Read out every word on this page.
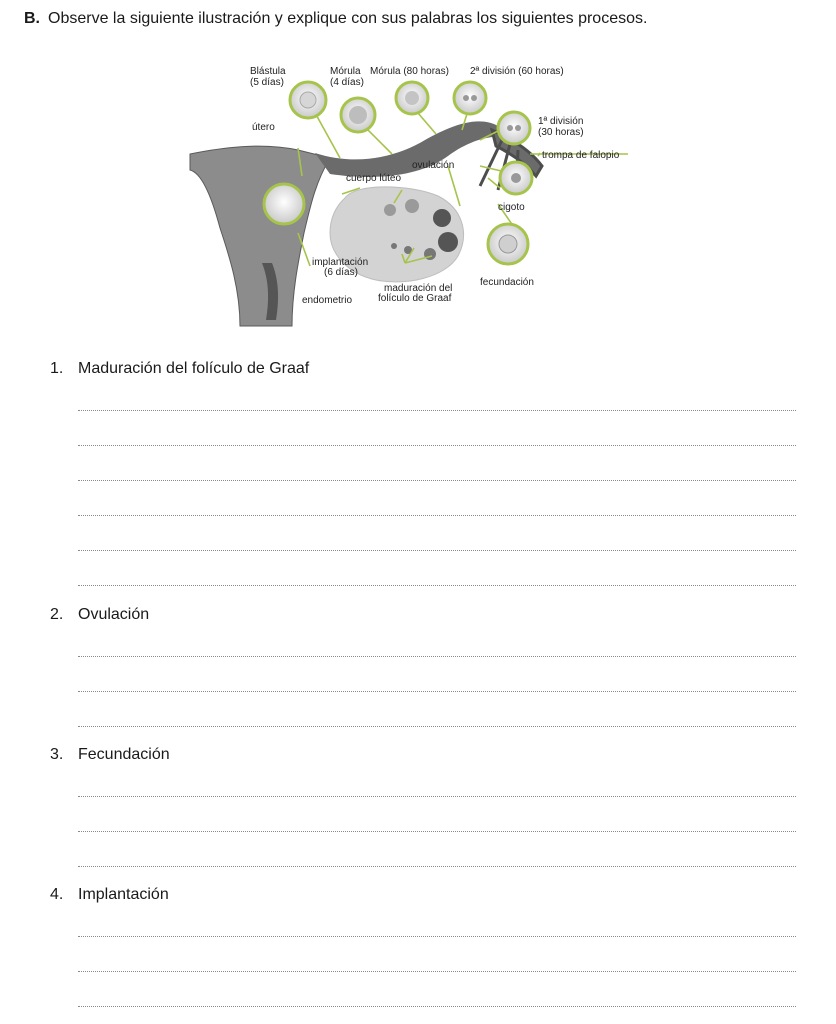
B. Observe la siguiente ilustración y explique con sus palabras los siguientes procesos.
Blástula
(5 días)
Mórula
(4 días)
Mórula (80 horas) 2ª división (60 horas)
1ª división
(30 horas)
útero
trompa de falopio
ovulación
cuerpo lúteo
cigoto
implantación
(6 días)
fecundación
maduración del
folículo de Graaf
endometrio
1. Maduración del folículo de Graaf
2. Ovulación
3. Fecundación
4. Implantación
